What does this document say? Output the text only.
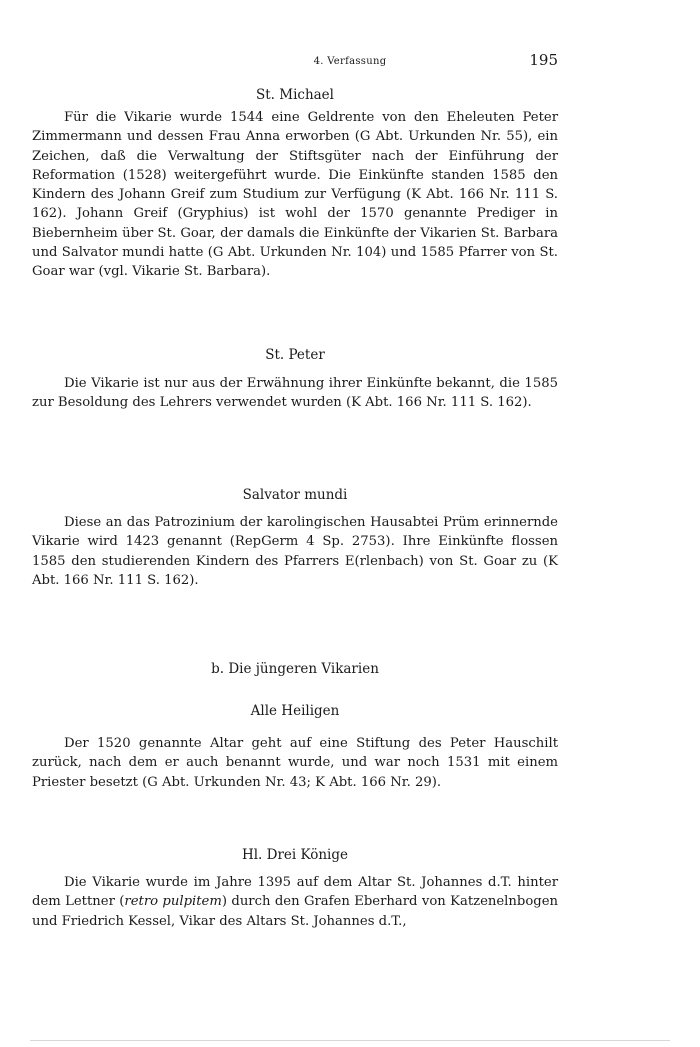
4. Verfassung	195
St. Michael

Für die Vikarie wurde 1544 eine Geldrente von den Eheleuten Peter Zimmermann und dessen Frau Anna erworben (G Abt. Urkunden Nr. 55), ein Zeichen, daß die Verwaltung der Stiftsgüter nach der Einführung der Reformation (1528) weitergeführt wurde. Die Einkünfte standen 1585 den Kindern des Johann Greif zum Studium zur Verfügung (K Abt. 166 Nr. 111 S. 162). Johann Greif (Gryphius) ist wohl der 1570 genannte Prediger in Biebernheim über St. Goar, der damals die Einkünfte der Vikarien St. Barbara und Salvator mundi hatte (G Abt. Urkunden Nr. 104) und 1585 Pfarrer von St. Goar war (vgl. Vikarie St. Barbara).

St. Peter

Die Vikarie ist nur aus der Erwähnung ihrer Einkünfte bekannt, die 1585 zur Besoldung des Lehrers verwendet wurden (K Abt. 166 Nr. 111 S. 162).

Salvator mundi

Diese an das Patrozinium der karolingischen Hausabtei Prüm erinnernde Vikarie wird 1423 genannt (RepGerm 4 Sp. 2753). Ihre Einkünfte flossen 1585 den studierenden Kindern des Pfarrers E(rlenbach) von St. Goar zu (K Abt. 166 Nr. 111 S. 162).

b. Die jüngeren Vikarien
Alle Heiligen

Der 1520 genannte Altar geht auf eine Stiftung des Peter Hauschilt zurück, nach dem er auch benannt wurde, und war noch 1531 mit einem Priester besetzt (G Abt. Urkunden Nr. 43; K Abt. 166 Nr. 29).

Hl. Drei Könige

Die Vikarie wurde im Jahre 1395 auf dem Altar St. Johannes d.T. hinter dem Lettner (retro pulpitem) durch den Grafen Eberhard von Katzenelnbogen und Friedrich Kessel, Vikar des Altars St. Johannes d.T.,
